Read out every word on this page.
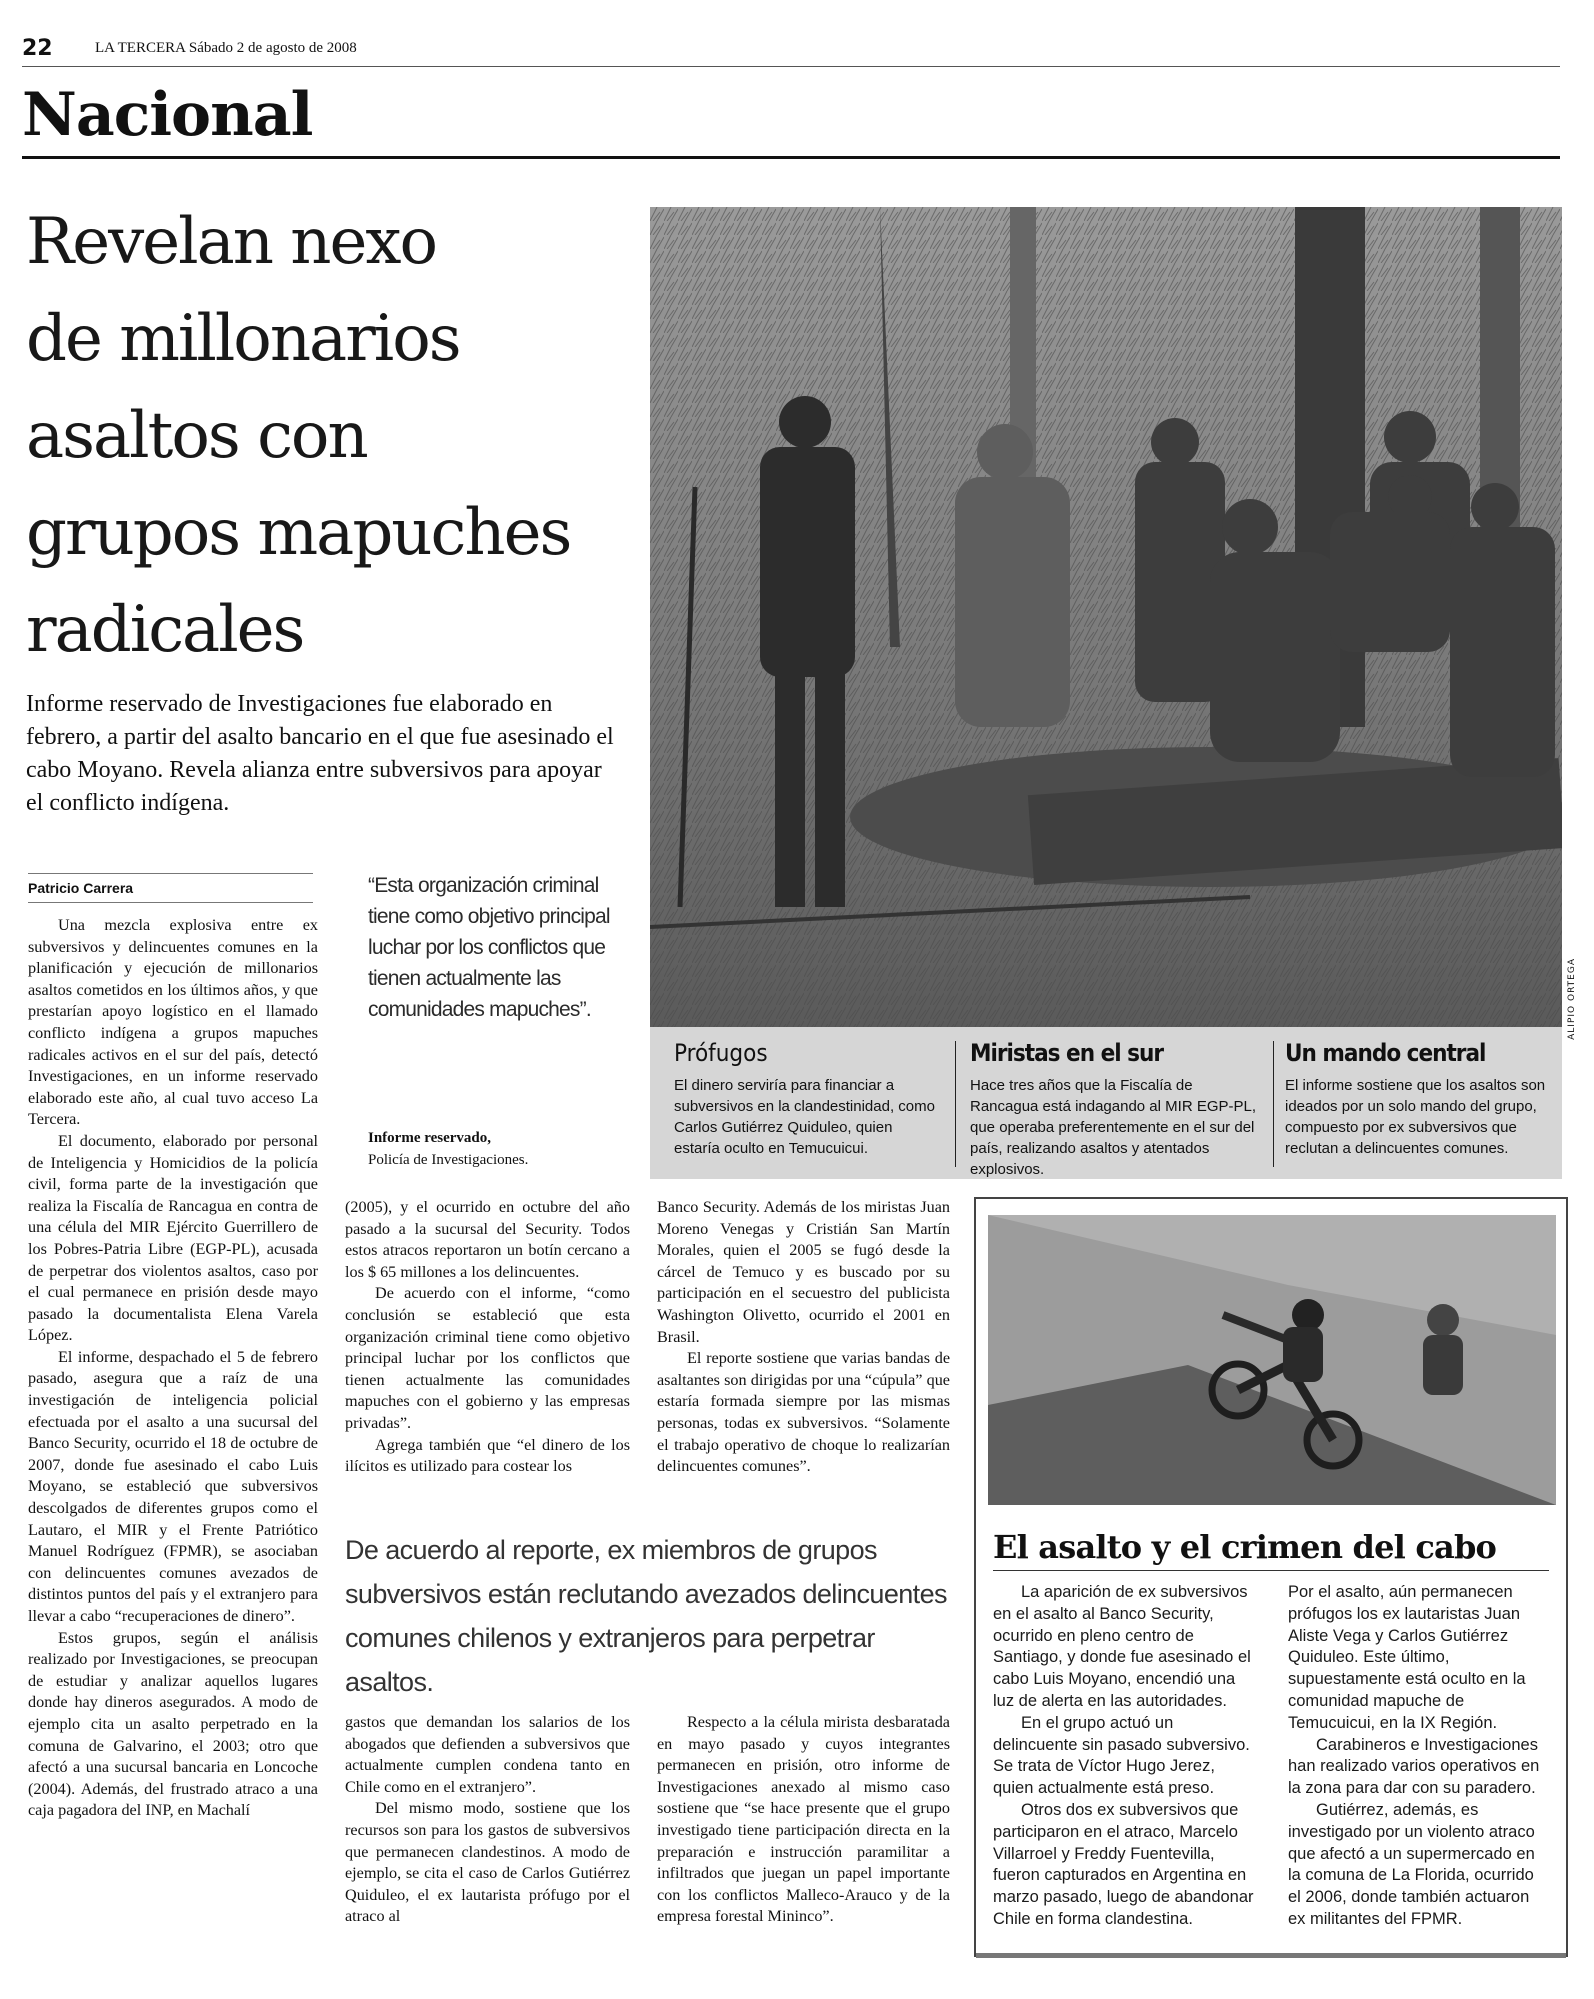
22	LA TERCERA Sábado 2 de agosto de 2008
Nacional
Revelan nexo
de millonarios
asaltos con
grupos mapuches
radicales
Informe reservado de Investigaciones fue elaborado en febrero, a partir del asalto bancario en el que fue asesinado el cabo Moyano. Revela alianza entre subversivos para apoyar el conflicto indígena.
ALIPIO ORTEGA
Prófugos
El dinero serviría para financiar a subversivos en la clandestinidad, como Carlos Gutiérrez Quiduleo, quien estaría oculto en Temucuicui.
Miristas en el sur
Hace tres años que la Fiscalía de Rancagua está indagando al MIR EGP-PL, que operaba preferentemente en el sur del país, realizando asaltos y atentados explosivos.
Un mando central
El informe sostiene que los asaltos son ideados por un solo mando del grupo, compuesto por ex subversivos que reclutan a delincuentes comunes.
Patricio Carrera

Una mezcla explosiva entre ex subversivos y delincuentes comunes en la planificación y ejecución de millonarios asaltos cometidos en los últimos años, y que prestarían apoyo logístico en el llamado conflicto indígena a grupos mapuches radicales activos en el sur del país, detectó Investigaciones, en un informe reservado elaborado este año, al cual tuvo acceso La Tercera.

El documento, elaborado por personal de Inteligencia y Homicidios de la policía civil, forma parte de la investigación que realiza la Fiscalía de Rancagua en contra de una célula del MIR Ejército Guerrillero de los Pobres-Patria Libre (EGP-PL), acusada de perpetrar dos violentos asaltos, caso por el cual permanece en prisión desde mayo pasado la documentalista Elena Varela López.

El informe, despachado el 5 de febrero pasado, asegura que a raíz de una investigación de inteligencia policial efectuada por el asalto a una sucursal del Banco Security, ocurrido el 18 de octubre de 2007, donde fue asesinado el cabo Luis Moyano, se estableció que subversivos descolgados de diferentes grupos como el Lautaro, el MIR y el Frente Patriótico Manuel Rodríguez (FPMR), se asociaban con delincuentes comunes avezados de distintos puntos del país y el extranjero para llevar a cabo “recuperaciones de dinero”.

Estos grupos, según el análisis realizado por Investigaciones, se preocupan de estudiar y analizar aquellos lugares donde hay dineros asegurados. A modo de ejemplo cita un asalto perpetrado en la comuna de Galvarino, el 2003; otro que afectó a una sucursal bancaria en Loncoche (2004). Además, del frustrado atraco a una caja pagadora del INP, en Machalí

“Esta organización criminal tiene como objetivo principal luchar por los conflictos que tienen actualmente las comunidades mapuches”.
Informe reservado,
Policía de Investigaciones.

(2005), y el ocurrido en octubre del año pasado a la sucursal del Security. Todos estos atracos reportaron un botín cercano a los $ 65 millones a los delincuentes.

De acuerdo con el informe, “como conclusión se estableció que esta organización criminal tiene como objetivo principal luchar por los conflictos que tienen actualmente las comunidades mapuches con el gobierno y las empresas privadas”.

Agrega también que “el dinero de los ilícitos es utilizado para costear los

Banco Security. Además de los miristas Juan Moreno Venegas y Cristián San Martín Morales, quien el 2005 se fugó desde la cárcel de Temuco y es buscado por su participación en el secuestro del publicista Washington Olivetto, ocurrido el 2001 en Brasil.

El reporte sostiene que varias bandas de asaltantes son dirigidas por una “cúpula” que estaría formada siempre por las mismas personas, todas ex subversivos. “Solamente el trabajo operativo de choque lo realizarían delincuentes comunes”.

De acuerdo al reporte, ex miembros de grupos subversivos están reclutando avezados delincuentes comunes chilenos y extranjeros para perpetrar asaltos.

gastos que demandan los salarios de los abogados que defienden a subversivos que actualmente cumplen condena tanto en Chile como en el extranjero”.

Del mismo modo, sostiene que los recursos son para los gastos de subversivos que permanecen clandestinos. A modo de ejemplo, se cita el caso de Carlos Gutiérrez Quiduleo, el ex lautarista prófugo por el atraco al

Respecto a la célula mirista desbaratada en mayo pasado y cuyos integrantes permanecen en prisión, otro informe de Investigaciones anexado al mismo caso sostiene que “se hace presente que el grupo investigado tiene participación directa en la preparación e instrucción paramilitar a infiltrados que juegan un papel importante con los conflictos Malleco-Arauco y de la empresa forestal Mininco”.

El asalto y el crimen del cabo

La aparición de ex subversivos en el asalto al Banco Security, ocurrido en pleno centro de Santiago, y donde fue asesinado el cabo Luis Moyano, encendió una luz de alerta en las autoridades.

En el grupo actuó un delincuente sin pasado subversivo. Se trata de Víctor Hugo Jerez, quien actualmente está preso.

Otros dos ex subversivos que participaron en el atraco, Marcelo Villarroel y Freddy Fuentevilla, fueron capturados en Argentina en marzo pasado, luego de abandonar Chile en forma clandestina.

Por el asalto, aún permanecen prófugos los ex lautaristas Juan Aliste Vega y Carlos Gutiérrez Quiduleo. Este último, supuestamente está oculto en la comunidad mapuche de Temucuicui, en la IX Región.

Carabineros e Investigaciones han realizado varios operativos en la zona para dar con su paradero.

Gutiérrez, además, es investigado por un violento atraco que afectó a un supermercado en la comuna de La Florida, ocurrido el 2006, donde también actuaron ex militantes del FPMR.
